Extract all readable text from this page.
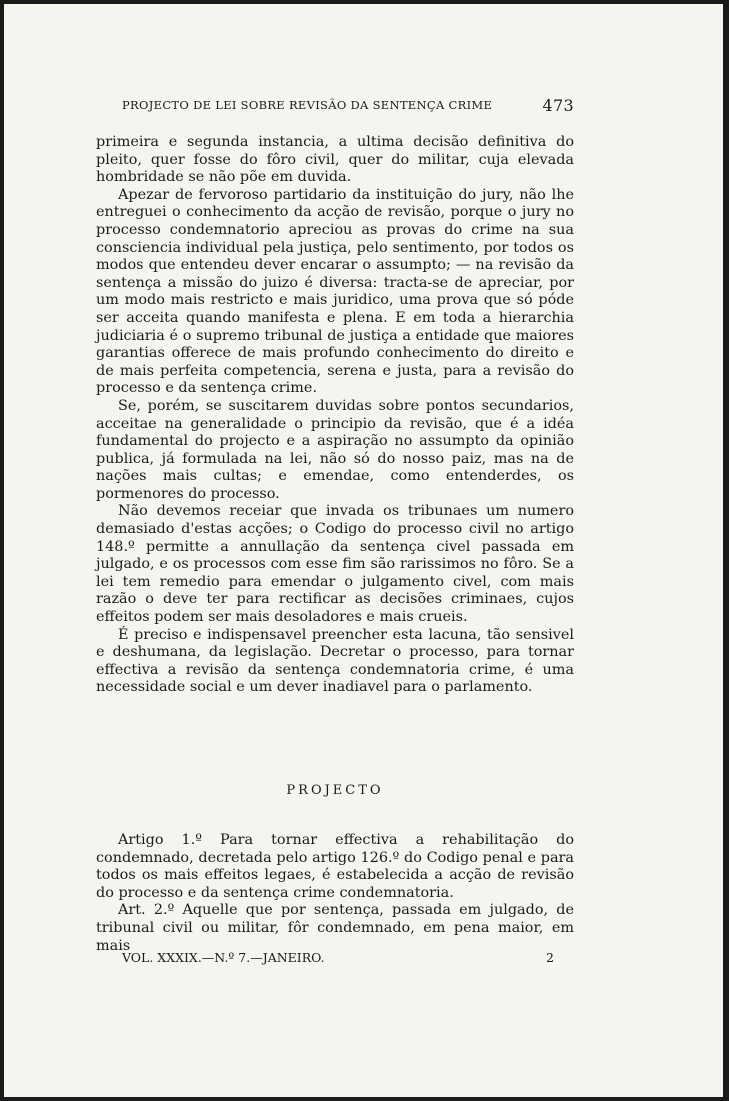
PROJECTO DE LEI SOBRE REVISÃO DA SENTENÇA CRIME	473

primeira e segunda instancia, a ultima decisão definitiva do pleito, quer fosse do fôro civil, quer do militar, cuja elevada hombridade se não põe em duvida.

Apezar de fervoroso partidario da instituição do jury, não lhe entreguei o conhecimento da acção de revisão, porque o jury no processo condemnatorio apreciou as provas do crime na sua consciencia individual pela justiça, pelo sentimento, por todos os modos que entendeu dever encarar o assumpto; — na revisão da sentença a missão do juizo é diversa: tracta-se de apreciar, por um modo mais restricto e mais juridico, uma prova que só póde ser acceita quando manifesta e plena. E em toda a hierarchia judiciaria é o supremo tribunal de justiça a entidade que maiores garantias offerece de mais profundo conhecimento do direito e de mais perfeita competencia, serena e justa, para a revisão do processo e da sentença crime.

Se, porém, se suscitarem duvidas sobre pontos secundarios, acceitae na generalidade o principio da revisão, que é a idéa fundamental do projecto e a aspiração no assumpto da opinião publica, já formulada na lei, não só do nosso paiz, mas na de nações mais cultas; e emendae, como entenderdes, os pormenores do processo.

Não devemos receiar que invada os tribunaes um numero demasiado d'estas acções; o Codigo do processo civil no artigo 148.º permitte a annullação da sentença civel passada em julgado, e os processos com esse fim são rarissimos no fôro. Se a lei tem remedio para emendar o julgamento civel, com mais razão o deve ter para rectificar as decisões criminaes, cujos effeitos podem ser mais desoladores e mais crueis.

É preciso e indispensavel preencher esta lacuna, tão sensivel e deshumana, da legislação. Decretar o processo, para tornar effectiva a revisão da sentença condemnatoria crime, é uma necessidade social e um dever inadiavel para o parlamento.

PROJECTO

Artigo 1.º Para tornar effectiva a rehabilitação do condemnado, decretada pelo artigo 126.º do Codigo penal e para todos os mais effeitos legaes, é estabelecida a acção de revisão do processo e da sentença crime condemnatoria.

Art. 2.º Aquelle que por sentença, passada em julgado, de tribunal civil ou militar, fôr condemnado, em pena maior, em mais

VOL. XXXIX.—N.º 7.—JANEIRO.	2
